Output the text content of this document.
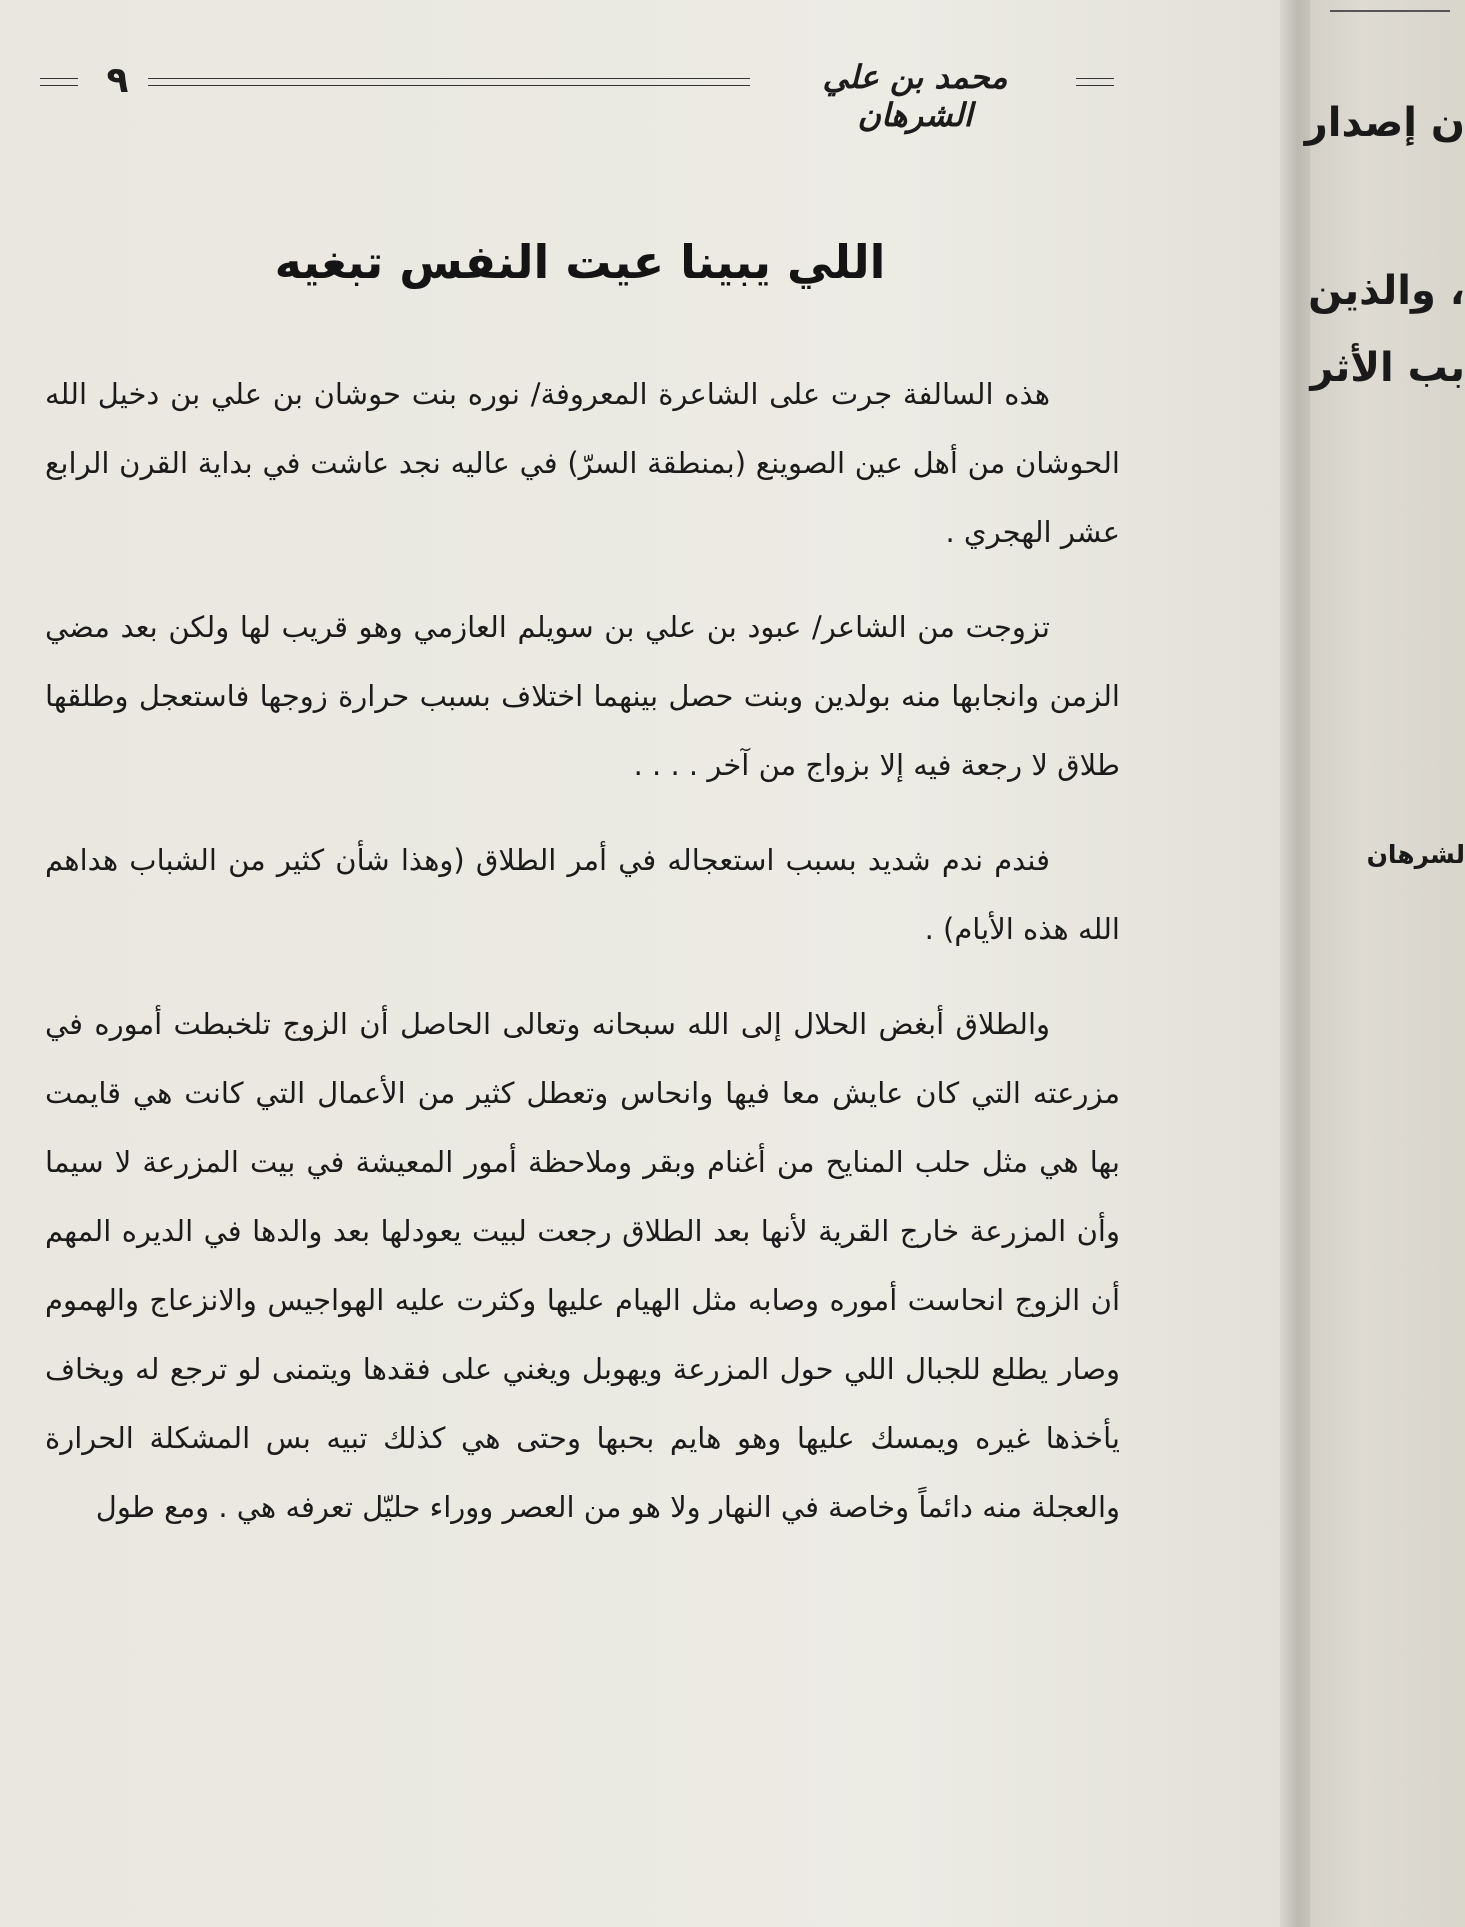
٩	محمد بن علي الشرهان
اللي يبينا عيت النفس تبغيه

هذه السالفة جرت على الشاعرة المعروفة/ نوره بنت حوشان بن علي بن دخيل الله الحوشان من أهل عين الصوينع (بمنطقة السرّ) في عاليه نجد عاشت في بداية القرن الرابع عشر الهجري .

تزوجت من الشاعر/ عبود بن علي بن سويلم العازمي وهو قريب لها ولكن بعد مضي الزمن وانجابها منه بولدين وبنت حصل بينهما اختلاف بسبب حرارة زوجها فاستعجل وطلقها طلاق لا رجعة فيه إلا بزواج من آخر . . . .

فندم ندم شديد بسبب استعجاله في أمر الطلاق (وهذا شأن كثير من الشباب هداهم الله هذه الأيام) .

والطلاق أبغض الحلال إلى الله سبحانه وتعالى الحاصل أن الزوج تلخبطت أموره في مزرعته التي كان عايش معا فيها وانحاس وتعطل كثير من الأعمال التي كانت هي قايمت بها هي مثل حلب المنايح من أغنام وبقر وملاحظة أمور المعيشة في بيت المزرعة لا سيما وأن المزرعة خارج القرية لأنها بعد الطلاق رجعت لبيت يعودلها بعد والدها في الديره المهم أن الزوج انحاست أموره وصابه مثل الهيام عليها وكثرت عليه الهواجيس والانزعاج والهموم وصار يطلع للجبال اللي حول المزرعة ويهوبل ويغني على فقدها ويتمنى لو ترجع له ويخاف يأخذها غيره ويمسك عليها وهو هايم بحبها وحتى هي كذلك تبيه بس المشكلة الحرارة والعجلة منه دائماً وخاصة في النهار ولا هو من العصر ووراء حليّل تعرفه هي . ومع طول

ن إصدار
، والذين
بب الأثر
لشرهان
